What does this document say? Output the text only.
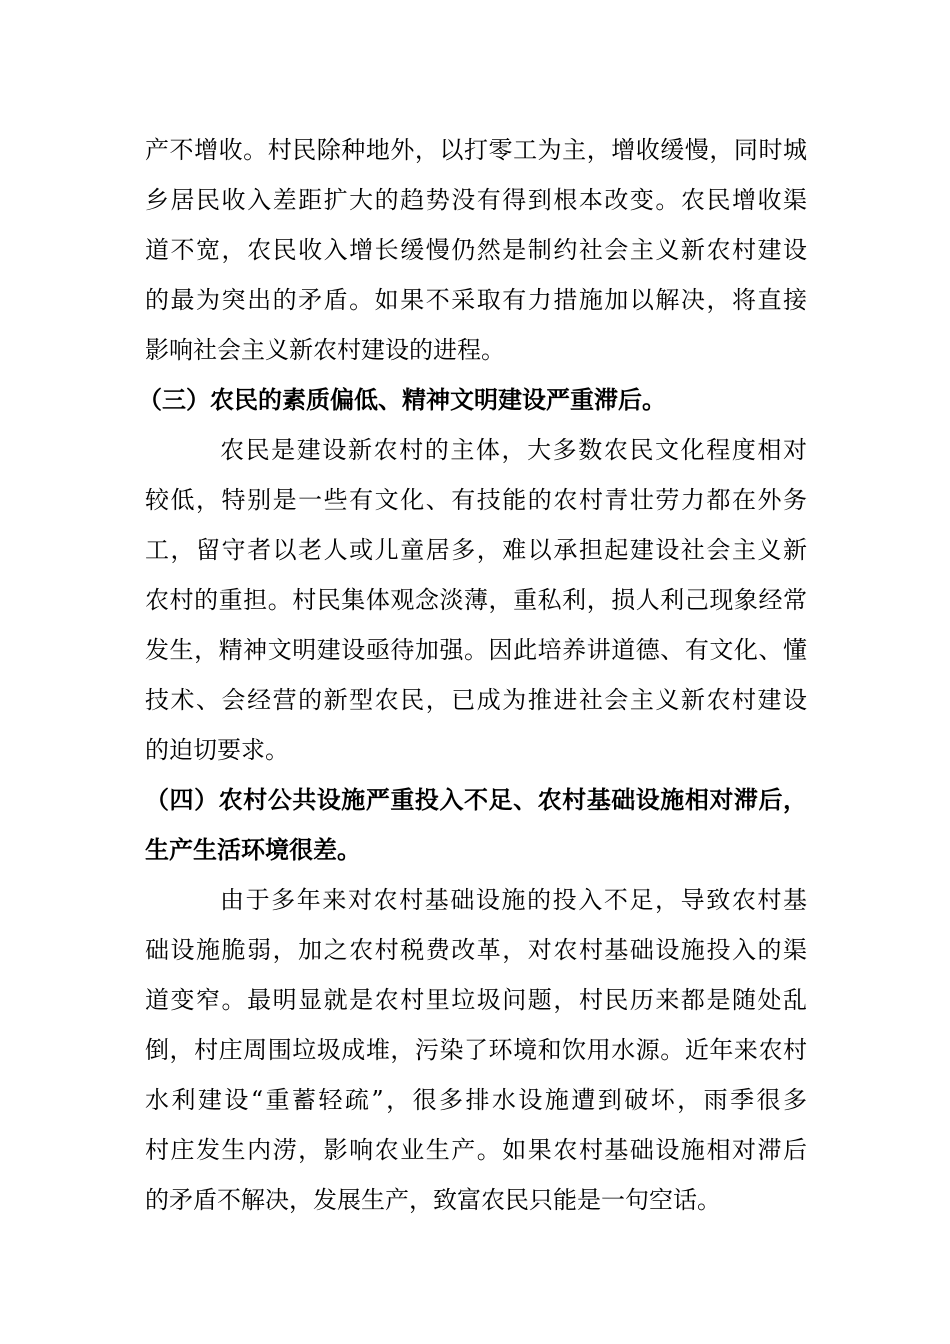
产不增收。村民除种地外，以打零工为主，增收缓慢，同时城
乡居民收入差距扩大的趋势没有得到根本改变。农民增收渠
道不宽，农民收入增长缓慢仍然是制约社会主义新农村建设
的最为突出的矛盾。如果不采取有力措施加以解决，将直接
影响社会主义新农村建设的进程。
（三）农民的素质偏低、精神文明建设严重滞后。
农民是建设新农村的主体，大多数农民文化程度相对
较低，特别是一些有文化、有技能的农村青壮劳力都在外务
工，留守者以老人或儿童居多，难以承担起建设社会主义新
农村的重担。村民集体观念淡薄，重私利，损人利己现象经常
发生，精神文明建设亟待加强。因此培养讲道德、有文化、懂
技术、会经营的新型农民，已成为推进社会主义新农村建设
的迫切要求。
（四）农村公共设施严重投入不足、农村基础设施相对滞后，
生产生活环境很差。
由于多年来对农村基础设施的投入不足，导致农村基
础设施脆弱，加之农村税费改革，对农村基础设施投入的渠
道变窄。最明显就是农村里垃圾问题，村民历来都是随处乱
倒，村庄周围垃圾成堆，污染了环境和饮用水源。近年来农村
水利建设“重蓄轻疏”，很多排水设施遭到破坏，雨季很多
村庄发生内涝，影响农业生产。如果农村基础设施相对滞后
的矛盾不解决，发展生产，致富农民只能是一句空话。
